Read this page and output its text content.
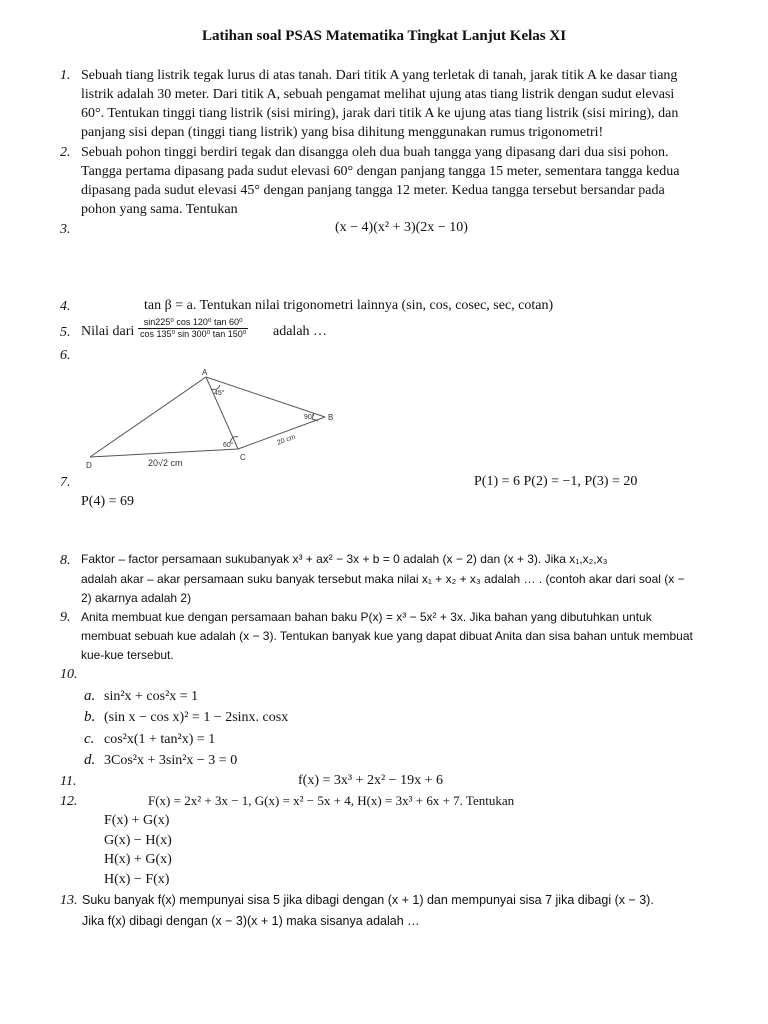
Latihan soal PSAS Matematika Tingkat Lanjut Kelas XI
1. Sebuah tiang listrik tegak lurus di atas tanah. Dari titik A yang terletak di tanah, jarak titik A ke dasar tiang
listrik adalah 30 meter. Dari titik A, sebuah pengamat melihat ujung atas tiang listrik dengan sudut elevasi
60°. Tentukan tinggi tiang listrik (sisi miring), jarak dari titik A ke ujung atas tiang listrik (sisi miring), dan
panjang sisi depan (tinggi tiang listrik) yang bisa dihitung menggunakan rumus trigonometri!
2. Sebuah pohon tinggi berdiri tegak dan disangga oleh dua buah tangga yang dipasang dari dua sisi pohon.
Tangga pertama dipasang pada sudut elevasi 60° dengan panjang tangga 15 meter, sementara tangga kedua
dipasang pada sudut elevasi 45° dengan panjang tangga 12 meter. Kedua tangga tersebut bersandar pada
pohon yang sama. Tentukan
3.	(x − 4)(x² + 3)(2x − 10)
4.	tan β = a. Tentukan nilai trigonometri lainnya (sin, cos, cosec, sec, cotan)
5. Nilai dari $\frac{\text{sin225⁰ cos 120⁰ tan 60⁰}}{\text{cos 135⁰ sin 300⁰ tan 150⁰}}$ adalah …
6.
A
B
C
D
45°
90°
60°	20 cm
20√2 cm
7.	P(1) = 6 P(2) = −1, P(3) = 20
P(4) = 69
8. Faktor – factor persamaan sukubanyak x³ + ax² − 3x + b = 0 adalah (x − 2) dan (x + 3). Jika x₁,x₂,x₃
adalah akar – akar persamaan suku banyak tersebut maka nilai x₁ + x₂ + x₃ adalah … . (contoh akar dari soal (x −
2) akarnya adalah 2)
9. Anita membuat kue dengan persamaan bahan baku P(x) = x³ − 5x² + 3x. Jika bahan yang dibutuhkan untuk
membuat sebuah kue adalah (x − 3). Tentukan banyak kue yang dapat dibuat Anita dan sisa bahan untuk membuat
kue-kue tersebut.
10.
a. sin²x + cos²x = 1
b. (sin x − cos x)² = 1 − 2sinx. cosx
c. cos²x(1 + tan²x) = 1
d. 3Cos²x + 3sin²x − 3 = 0
11.	f(x) = 3x³ + 2x² − 19x + 6
12.	F(x) = 2x² + 3x − 1, G(x) = x² − 5x + 4, H(x) = 3x³ + 6x + 7. Tentukan
F(x) + G(x)
G(x) − H(x)
H(x) + G(x)
H(x) − F(x)
13. Suku banyak f(x) mempunyai sisa 5 jika dibagi dengan (x + 1) dan mempunyai sisa 7 jika dibagi (x − 3).
Jika f(x) dibagi dengan (x − 3)(x + 1) maka sisanya adalah …
